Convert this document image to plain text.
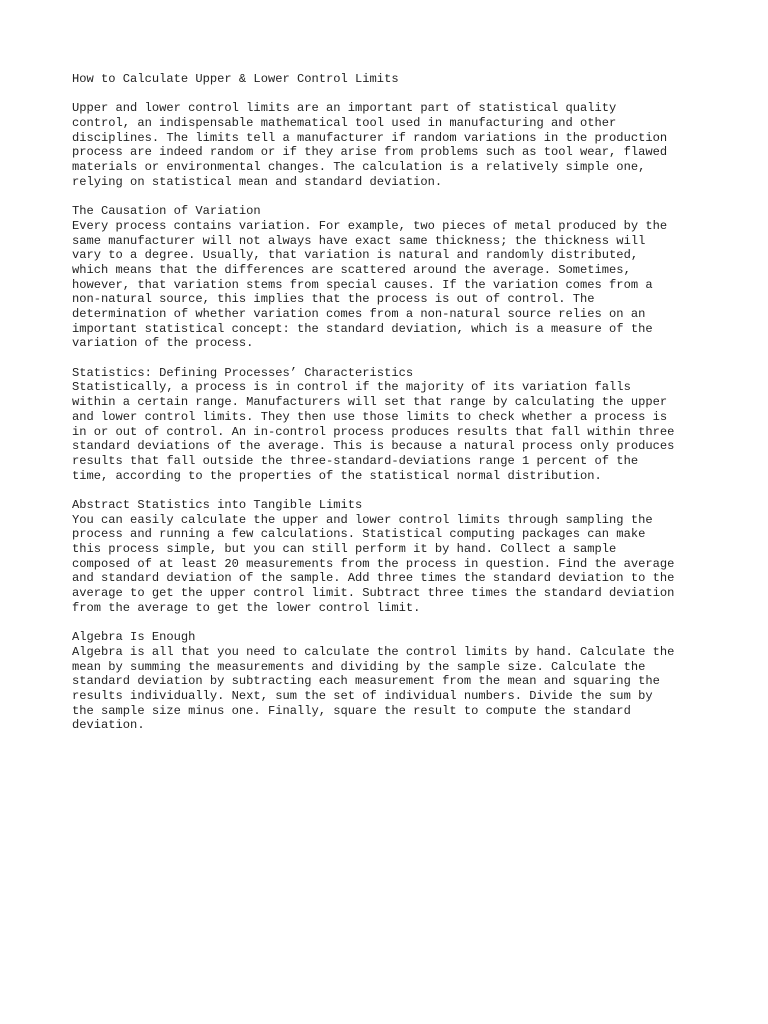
How to Calculate Upper & Lower Control Limits
Upper and lower control limits are an important part of statistical quality
control, an indispensable mathematical tool used in manufacturing and other
disciplines. The limits tell a manufacturer if random variations in the production
process are indeed random or if they arise from problems such as tool wear, flawed
materials or environmental changes. The calculation is a relatively simple one,
relying on statistical mean and standard deviation.
The Causation of Variation
Every process contains variation. For example, two pieces of metal produced by the
same manufacturer will not always have exact same thickness; the thickness will
vary to a degree. Usually, that variation is natural and randomly distributed,
which means that the differences are scattered around the average. Sometimes,
however, that variation stems from special causes. If the variation comes from a
non-natural source, this implies that the process is out of control. The
determination of whether variation comes from a non-natural source relies on an
important statistical concept: the standard deviation, which is a measure of the
variation of the process.
Statistics: Defining Processes’ Characteristics
Statistically, a process is in control if the majority of its variation falls
within a certain range. Manufacturers will set that range by calculating the upper
and lower control limits. They then use those limits to check whether a process is
in or out of control. An in-control process produces results that fall within three
standard deviations of the average. This is because a natural process only produces
results that fall outside the three-standard-deviations range 1 percent of the
time, according to the properties of the statistical normal distribution.
Abstract Statistics into Tangible Limits
You can easily calculate the upper and lower control limits through sampling the
process and running a few calculations. Statistical computing packages can make
this process simple, but you can still perform it by hand. Collect a sample
composed of at least 20 measurements from the process in question. Find the average
and standard deviation of the sample. Add three times the standard deviation to the
average to get the upper control limit. Subtract three times the standard deviation
from the average to get the lower control limit.
Algebra Is Enough
Algebra is all that you need to calculate the control limits by hand. Calculate the
mean by summing the measurements and dividing by the sample size. Calculate the
standard deviation by subtracting each measurement from the mean and squaring the
results individually. Next, sum the set of individual numbers. Divide the sum by
the sample size minus one. Finally, square the result to compute the standard
deviation.
